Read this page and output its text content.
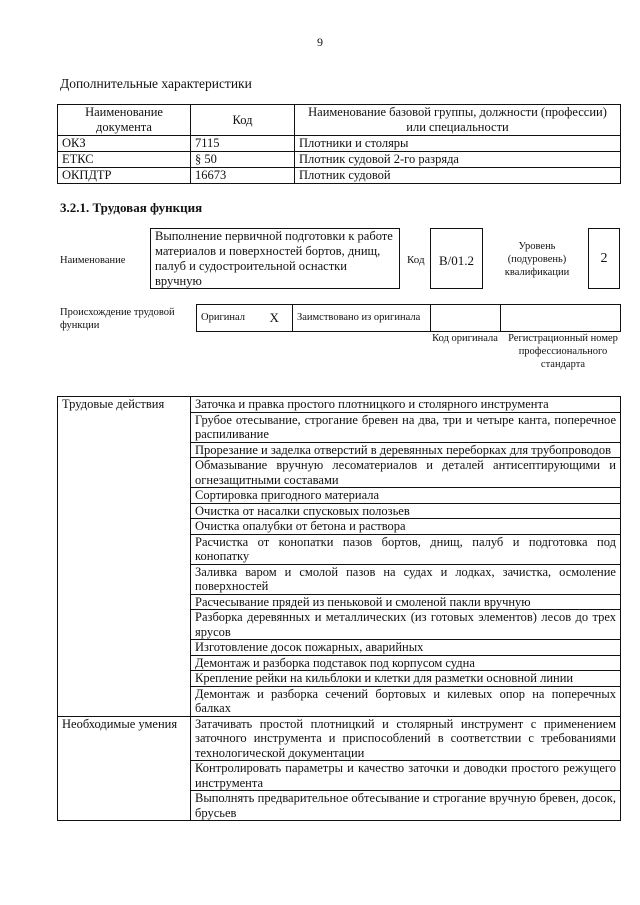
9
Дополнительные характеристики
Наименование документа	Код	Наименование базовой группы, должности (профессии) или специальности
ОКЗ	7115	Плотники и столяры
ЕТКС	§ 50	Плотник судовой 2-го разряда
ОКПДТР	16673	Плотник судовой
3.2.1. Трудовая функция
Наименование
Выполнение первичной подготовки к работе материалов и поверхностей бортов, днищ, палуб и судостроительной оснастки вручную
Код	B/01.2
Уровень (подуровень) квалификации
2
Происхождение трудовой функции
Оригинал	X	Заимствовано из оригинала		
Код оригинала Регистрационный номер профессионального стандарта
Трудовые действия	Заточка и правка простого плотницкого и столярного инструмента
	Грубое отесывание, строгание бревен на два, три и четыре канта, поперечное распиливание
	Прорезание и заделка отверстий в деревянных переборках для трубопроводов
	Обмазывание вручную лесоматериалов и деталей антисептирующими и огнезащитными составами
	Сортировка пригодного материала
	Очистка от насалки спусковых полозьев
	Очистка опалубки от бетона и раствора
	Расчистка от конопатки пазов бортов, днищ, палуб и подготовка под конопатку
	Заливка варом и смолой пазов на судах и лодках, зачистка, осмоление поверхностей
	Расчесывание прядей из пеньковой и смоленой пакли вручную
	Разборка деревянных и металлических (из готовых элементов) лесов до трех ярусов
	Изготовление досок пожарных, аварийных
	Демонтаж и разборка подставок под корпусом судна
	Крепление рейки на кильблоки и клетки для разметки основной линии
	Демонтаж и разборка сечений бортовых и килевых опор на поперечных балках
Необходимые умения	Затачивать простой плотницкий и столярный инструмент с применением заточного инструмента и приспособлений в соответствии с требованиями технологической документации
	Контролировать параметры и качество заточки и доводки простого режущего инструмента
	Выполнять предварительное обтесывание и строгание вручную бревен, досок, брусьев
